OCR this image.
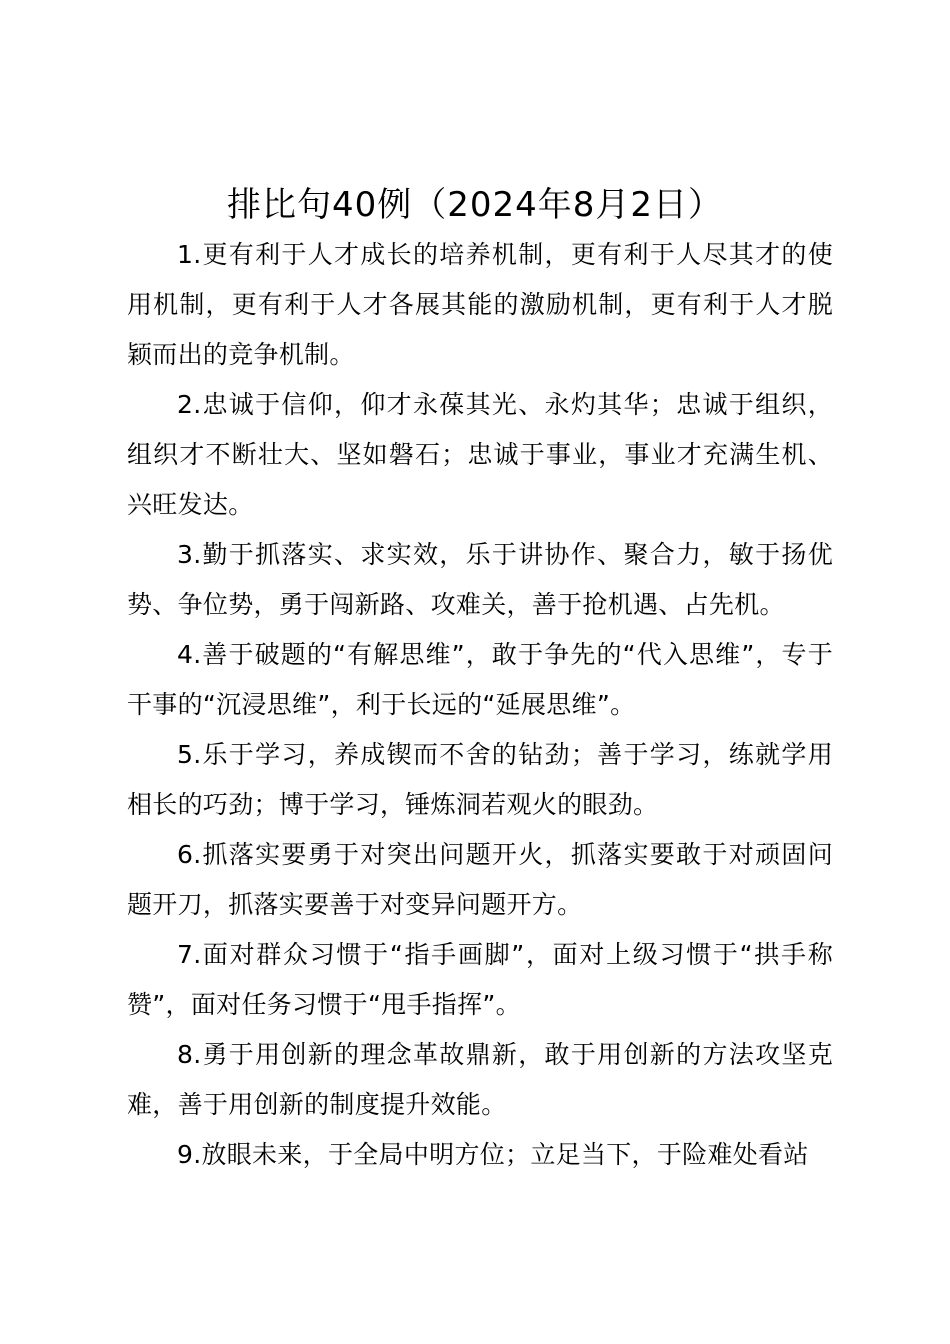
排比句40例（2024年8月2日）

1.更有利于人才成长的培养机制，更有利于人尽其才的使用机制，更有利于人才各展其能的激励机制，更有利于人才脱颖而出的竞争机制。

2.忠诚于信仰，仰才永葆其光、永灼其华；忠诚于组织，组织才不断壮大、坚如磐石；忠诚于事业，事业才充满生机、兴旺发达。

3.勤于抓落实、求实效，乐于讲协作、聚合力，敏于扬优势、争位势，勇于闯新路、攻难关，善于抢机遇、占先机。

4.善于破题的“有解思维”，敢于争先的“代入思维”，专于干事的“沉浸思维”，利于长远的“延展思维”。

5.乐于学习，养成锲而不舍的钻劲；善于学习，练就学用相长的巧劲；博于学习，锤炼洞若观火的眼劲。

6.抓落实要勇于对突出问题开火，抓落实要敢于对顽固问题开刀，抓落实要善于对变异问题开方。

7.面对群众习惯于“指手画脚”，面对上级习惯于“拱手称赞”，面对任务习惯于“甩手指挥”。

8.勇于用创新的理念革故鼎新，敢于用创新的方法攻坚克难，善于用创新的制度提升效能。

9.放眼未来，于全局中明方位；立足当下，于险难处看站
